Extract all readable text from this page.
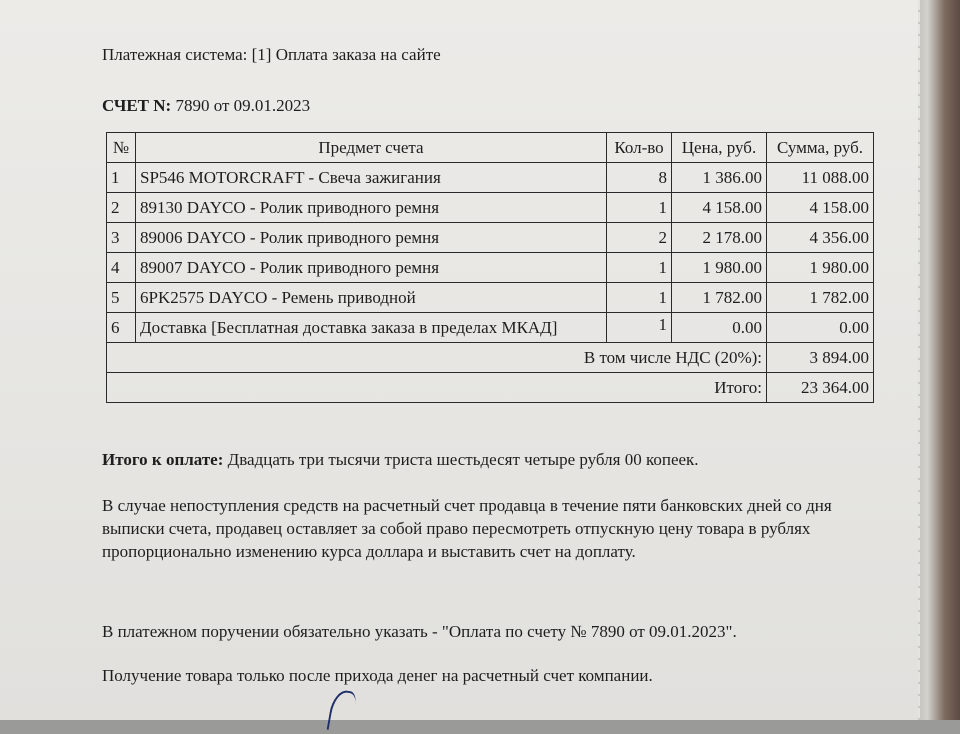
Платежная система: [1] Оплата заказа на сайте
СЧЕТ N: 7890 от 09.01.2023
№	Предмет счета	Кол-во	Цена, руб.	Сумма, руб.
1	SP546 MOTORCRAFT - Свеча зажигания	8	1 386.00	11 088.00
2	89130 DAYCO - Ролик приводного ремня	1	4 158.00	4 158.00
3	89006 DAYCO - Ролик приводного ремня	2	2 178.00	4 356.00
4	89007 DAYCO - Ролик приводного ремня	1	1 980.00	1 980.00
5	6PK2575 DAYCO - Ремень приводной	1	1 782.00	1 782.00
6	Доставка [Бесплатная доставка заказа в пределах МКАД]	1	0.00	0.00
В том числе НДС (20%):				3 894.00
Итого:				23 364.00
Итого к оплате: Двадцать три тысячи триста шестьдесят четыре рубля 00 копеек.
В случае непоступления средств на расчетный счет продавца в течение пяти банковских дней со дня выписки счета, продавец оставляет за собой право пересмотреть отпускную цену товара в рублях пропорционально изменению курса доллара и выставить счет на доплату.
В платежном поручении обязательно указать - "Оплата по счету № 7890 от 09.01.2023".
Получение товара только после прихода денег на расчетный счет компании.
